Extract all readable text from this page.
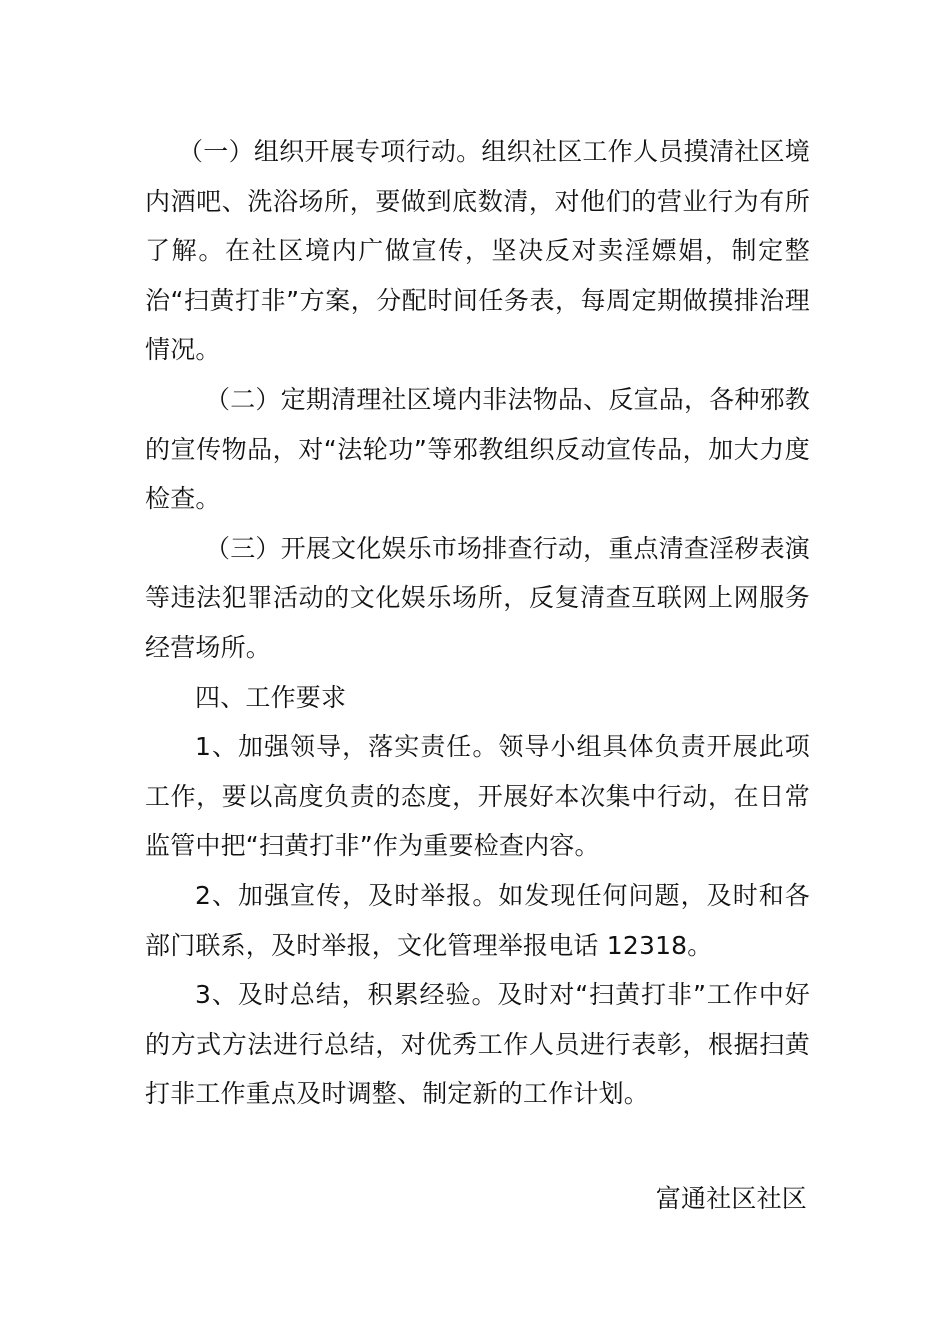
（一）组织开展专项行动。组织社区工作人员摸清社区境内酒吧、洗浴场所，要做到底数清，对他们的营业行为有所了解。在社区境内广做宣传，坚决反对卖淫嫖娼，制定整治“扫黄打非”方案，分配时间任务表，每周定期做摸排治理情况。

（二）定期清理社区境内非法物品、反宣品，各种邪教的宣传物品，对“法轮功”等邪教组织反动宣传品，加大力度检查。

（三）开展文化娱乐市场排查行动，重点清查淫秽表演等违法犯罪活动的文化娱乐场所，反复清查互联网上网服务经营场所。

四、工作要求

1、加强领导，落实责任。领导小组具体负责开展此项工作，要以高度负责的态度，开展好本次集中行动，在日常监管中把“扫黄打非”作为重要检查内容。

2、加强宣传，及时举报。如发现任何问题，及时和各部门联系，及时举报，文化管理举报电话 12318。

3、及时总结，积累经验。及时对“扫黄打非”工作中好的方式方法进行总结，对优秀工作人员进行表彰，根据扫黄打非工作重点及时调整、制定新的工作计划。

富通社区社区
